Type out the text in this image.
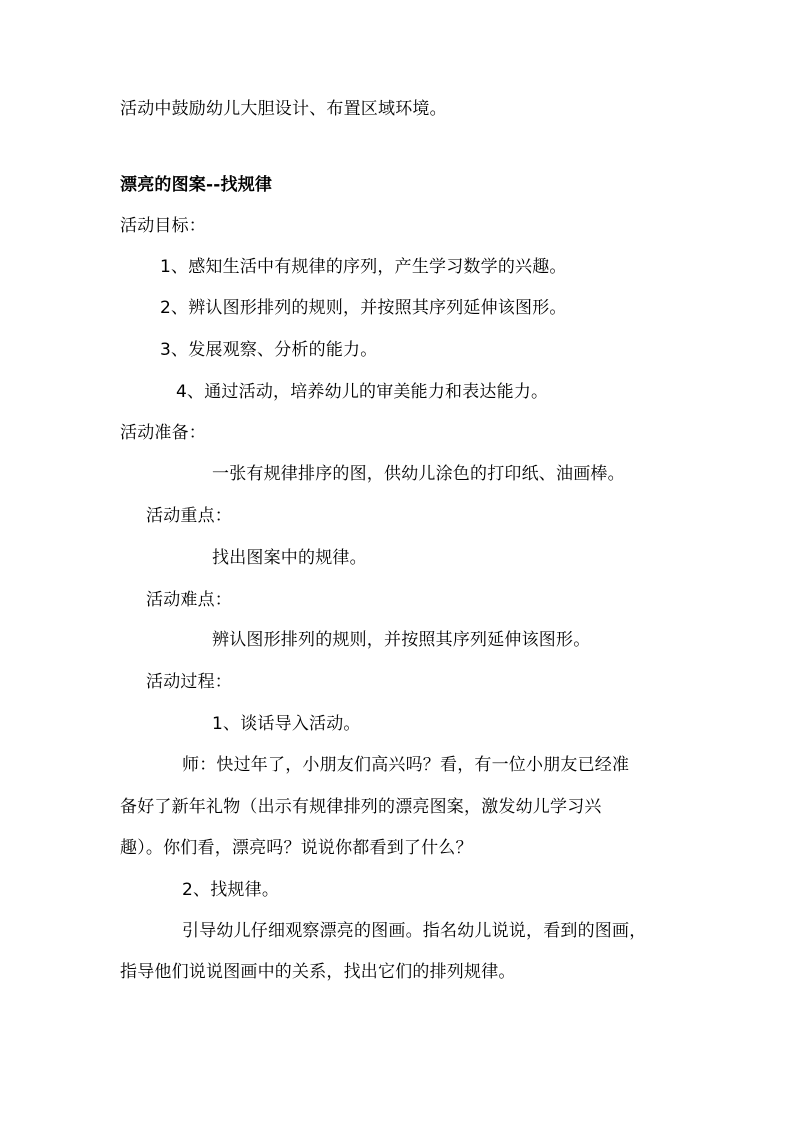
活动中鼓励幼儿大胆设计、布置区域环境。
漂亮的图案--找规律
活动目标：
1、感知生活中有规律的序列，产生学习数学的兴趣。
2、辨认图形排列的规则，并按照其序列延伸该图形。
3、发展观察、分析的能力。
4、通过活动，培养幼儿的审美能力和表达能力。
活动准备：
一张有规律排序的图，供幼儿涂色的打印纸、油画棒。
活动重点：
找出图案中的规律。
活动难点：
辨认图形排列的规则，并按照其序列延伸该图形。
活动过程：
1、谈话导入活动。
师：快过年了，小朋友们高兴吗？看，有一位小朋友已经准
备好了新年礼物（出示有规律排列的漂亮图案，激发幼儿学习兴
趣）。你们看，漂亮吗？说说你都看到了什么？
2、找规律。
引导幼儿仔细观察漂亮的图画。指名幼儿说说，看到的图画，
指导他们说说图画中的关系，找出它们的排列规律。
